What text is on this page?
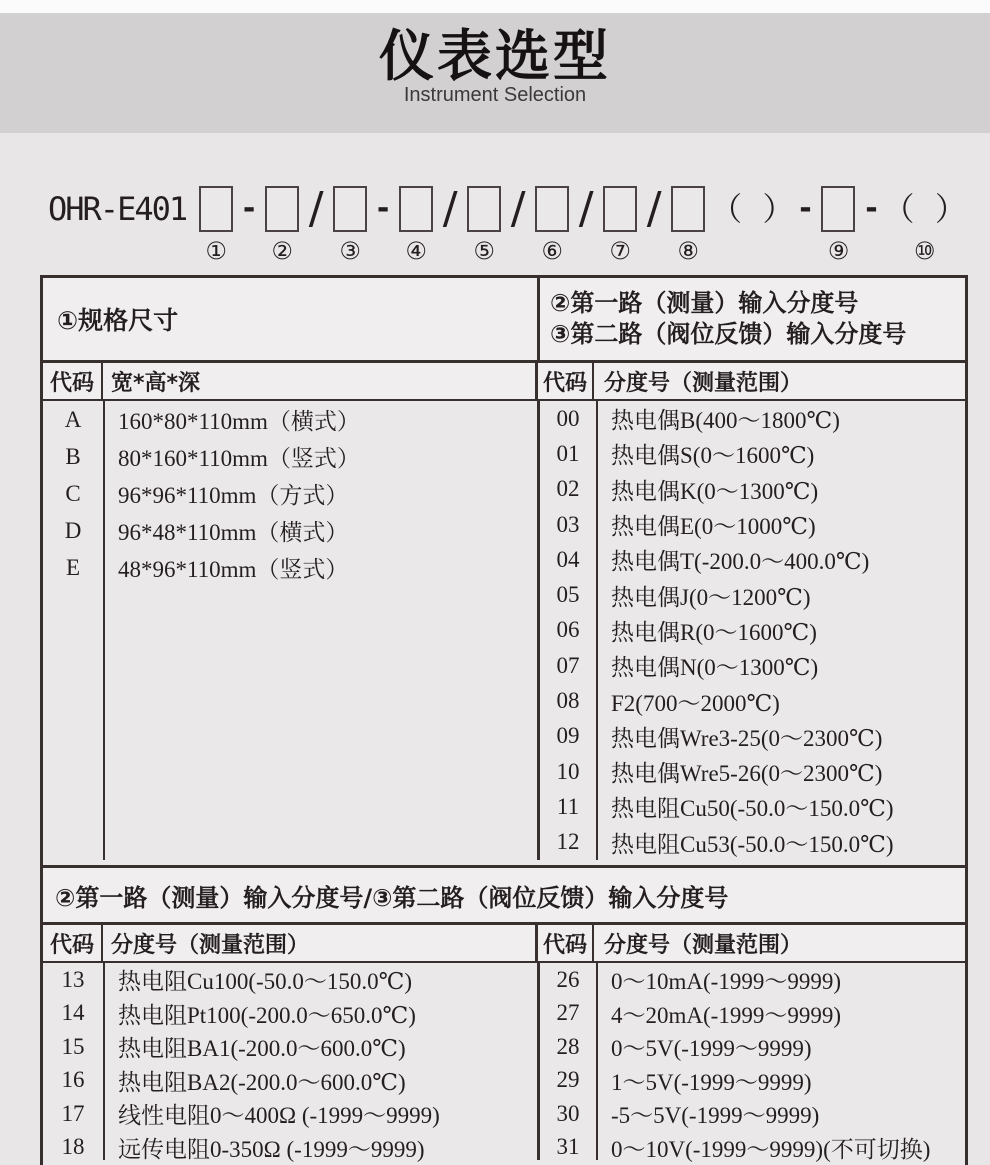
仪表选型
Instrument Selection
OHR-E401
①
-
②
/
③
-
④
/
⑤
/
⑥
/
⑦
/
⑧
（  ） -
⑨
- （  ）
⑩
①规格尺寸
②第一路（测量）输入分度号
③第二路（阀位反馈）输入分度号
代码 宽*高*深	代码 分度号（测量范围）
A	160*80*110mm（横式）
B	80*160*110mm（竖式）
C	96*96*110mm（方式）
D	96*48*110mm（横式）
E	48*96*110mm（竖式）
00	热电偶B(400～1800℃)
01	热电偶S(0～1600℃)
02	热电偶K(0～1300℃)
03	热电偶E(0～1000℃)
04	热电偶T(-200.0～400.0℃)
05	热电偶J(0～1200℃)
06	热电偶R(0～1600℃)
07	热电偶N(0～1300℃)
08	F2(700～2000℃)
09	热电偶Wre3-25(0～2300℃)
10	热电偶Wre5-26(0～2300℃)
11	热电阻Cu50(-50.0～150.0℃)
12	热电阻Cu53(-50.0～150.0℃)
②第一路（测量）输入分度号/③第二路（阀位反馈）输入分度号
代码 分度号（测量范围）	代码 分度号（测量范围）
13	热电阻Cu100(-50.0～150.0℃)
14	热电阻Pt100(-200.0～650.0℃)
15	热电阻BA1(-200.0～600.0℃)
16	热电阻BA2(-200.0～600.0℃)
17	线性电阻0～400Ω (-1999～9999)
18	远传电阻0-350Ω (-1999～9999)
26	0～10mA(-1999～9999)
27	4～20mA(-1999～9999)
28	0～5V(-1999～9999)
29	1～5V(-1999～9999)
30	-5～5V(-1999～9999)
31	0～10V(-1999～9999)(不可切换)
